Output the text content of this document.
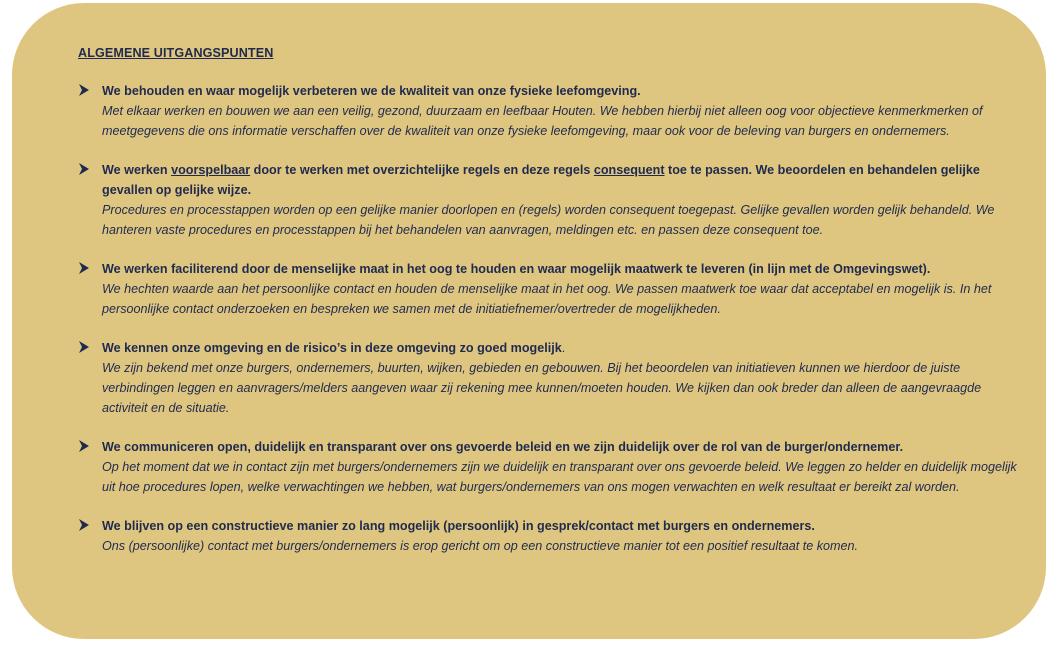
ALGEMENE UITGANGSPUNTEN

We behouden en waar mogelijk verbeteren we de kwaliteit van onze fysieke leefomgeving.

Met elkaar werken en bouwen we aan een veilig, gezond, duurzaam en leefbaar Houten. We hebben hierbij niet alleen oog voor objectieve kenmerkmerken of meetgegevens die ons informatie verschaffen over de kwaliteit van onze fysieke leefomgeving, maar ook voor de beleving van burgers en ondernemers.

We werken voorspelbaar door te werken met overzichtelijke regels en deze regels consequent toe te passen. We beoordelen en behandelen gelijke gevallen op gelijke wijze.

Procedures en processtappen worden op een gelijke manier doorlopen en (regels) worden consequent toegepast. Gelijke gevallen worden gelijk behandeld. We hanteren vaste procedures en processtappen bij het behandelen van aanvragen, meldingen etc. en passen deze consequent toe.

We werken faciliterend door de menselijke maat in het oog te houden en waar mogelijk maatwerk te leveren (in lijn met de Omgevingswet).

We hechten waarde aan het persoonlijke contact en houden de menselijke maat in het oog. We passen maatwerk toe waar dat acceptabel en mogelijk is. In het persoonlijke contact onderzoeken en bespreken we samen met de initiatiefnemer/overtreder de mogelijkheden.

We kennen onze omgeving en de risico’s in deze omgeving zo goed mogelijk.

We zijn bekend met onze burgers, ondernemers, buurten, wijken, gebieden en gebouwen. Bij het beoordelen van initiatieven kunnen we hierdoor de juiste verbindingen leggen en aanvragers/melders aangeven waar zij rekening mee kunnen/moeten houden. We kijken dan ook breder dan alleen de aangevraagde activiteit en de situatie.

We communiceren open, duidelijk en transparant over ons gevoerde beleid en we zijn duidelijk over de rol van de burger/ondernemer.

Op het moment dat we in contact zijn met burgers/ondernemers zijn we duidelijk en transparant over ons gevoerde beleid. We leggen zo helder en duidelijk mogelijk uit hoe procedures lopen, welke verwachtingen we hebben, wat burgers/ondernemers van ons mogen verwachten en welk resultaat er bereikt zal worden.

We blijven op een constructieve manier zo lang mogelijk (persoonlijk) in gesprek/contact met burgers en ondernemers.

Ons (persoonlijke) contact met burgers/ondernemers is erop gericht om op een constructieve manier tot een positief resultaat te komen.
